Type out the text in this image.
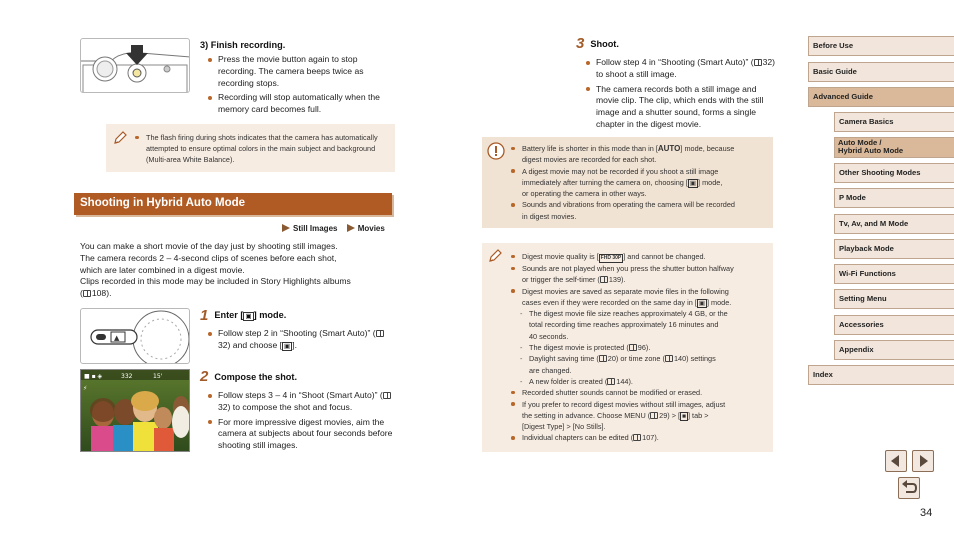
3) Finish recording.
Press the movie button again to stop recording. The camera beeps twice as recording stops.
Recording will stop automatically when the memory card becomes full.
The flash firing during shots indicates that the camera has automatically attempted to ensure optimal colors in the main subject and background (Multi-area White Balance).
Shooting in Hybrid Auto Mode
Still Images	Movies
You can make a short movie of the day just by shooting still images.
The camera records 2 – 4-second clips of scenes before each shot,
which are later combined in a digest movie.
Clips recorded in this mode may be included in Story Highlights albums
( 108).
▲
1 Enter [ ▣ ] mode.
Follow step 2 in “Shooting (Smart Auto)” (32) and choose [ ▣ ].
■ ▪ ◈	332	15'
⚡
2 Compose the shot.
Follow steps 3 – 4 in “Shoot (Smart Auto)” (32) to compose the shot and focus.
For more impressive digest movies, aim the camera at subjects about four seconds before shooting still images.
3 Shoot.
Follow step 4 in “Shooting (Smart Auto)” ( 32) to shoot a still image.
The camera records both a still image and movie clip. The clip, which ends with the still image and a shutter sound, forms a single chapter in the digest movie.
Battery life is shorter in this mode than in [AUTO] mode, because
digest movies are recorded for each shot.
A digest movie may not be recorded if you shoot a still image
immediately after turning the camera on, choosing [ ▣ ] mode,
or operating the camera in other ways.
Sounds and vibrations from operating the camera will be recorded
in digest movies.
Digest movie quality is [ FHD 30P ] and cannot be changed.
Sounds are not played when you press the shutter button halfway
or trigger the self-timer ( 139).
Digest movies are saved as separate movie files in the following
cases even if they were recorded on the same day in [ ▣ ] mode.
- The digest movie file size reaches approximately 4 GB, or the
total recording time reaches approximately 16 minutes and
40 seconds.
- The digest movie is protected ( 96).
- Daylight saving time ( 20) or time zone ( 140) settings
are changed.
- A new folder is created ( 144).
Recorded shutter sounds cannot be modified or erased.
If you prefer to record digest movies without still images, adjust
the setting in advance. Choose MENU ( 29) > [ ■ ] tab >
[Digest Type] > [No Stills].
Individual chapters can be edited ( 107).
Before Use
Basic Guide
Advanced Guide
Camera Basics
Auto Mode /
Hybrid Auto Mode
Other Shooting Modes
P Mode
Tv, Av, and M Mode
Playback Mode
Wi-Fi Functions
Setting Menu
Accessories
Appendix
Index
34
